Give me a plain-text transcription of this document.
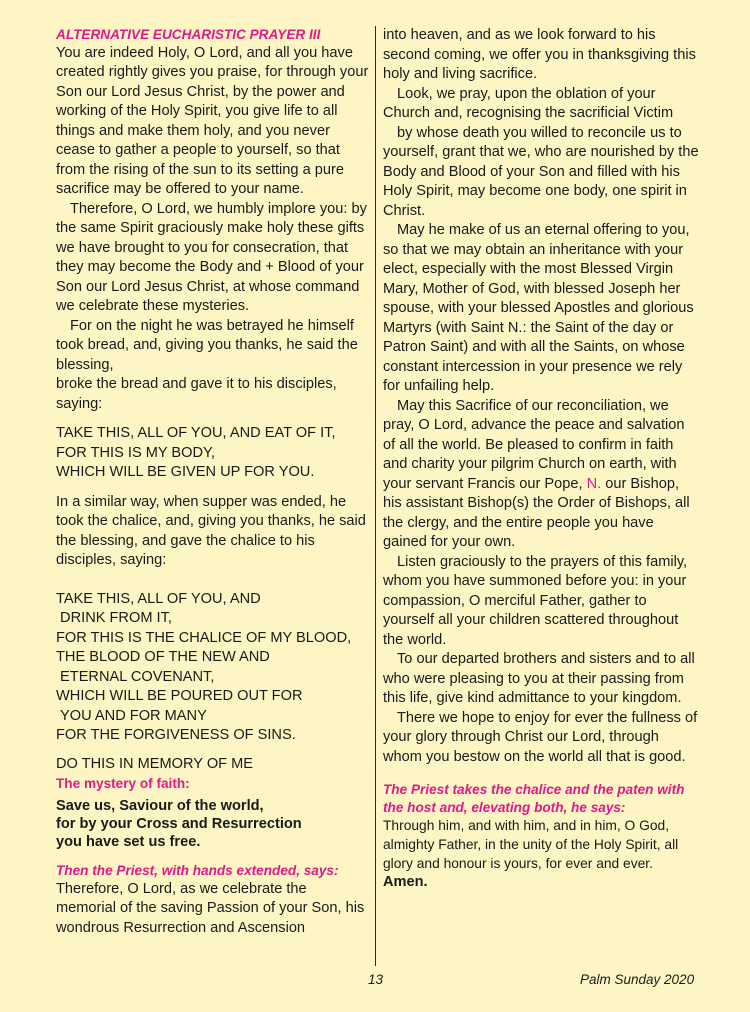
ALTERNATIVE EUCHARISTIC PRAYER III

You are indeed Holy, O Lord, and all you have created rightly gives you praise, for through your Son our Lord Jesus Christ, by the power and working of the Holy Spirit, you give life to all things and make them holy, and you never cease to gather a people to yourself, so that from the rising of the sun to its setting a pure sacrifice may be offered to your name.

Therefore, O Lord, we humbly implore you: by the same Spirit graciously make holy these gifts we have brought to you for consecration, that they may become the Body and + Blood of your Son our Lord Jesus Christ, at whose command we celebrate these mysteries.

For on the night he was betrayed he himself took bread, and, giving you thanks, he said the blessing,

broke the bread and gave it to his disciples, saying:

TAKE THIS, ALL OF YOU, AND EAT OF IT,

FOR THIS IS MY BODY,

WHICH WILL BE GIVEN UP FOR YOU.

In a similar way, when supper was ended, he took the chalice, and, giving you thanks, he said the blessing, and gave the chalice to his disciples, saying:

TAKE THIS, ALL OF YOU, AND

DRINK FROM IT,

FOR THIS IS THE CHALICE OF MY BLOOD,

THE BLOOD OF THE NEW AND

ETERNAL COVENANT,

WHICH WILL BE POURED OUT FOR

YOU AND FOR MANY

FOR THE FORGIVENESS OF SINS.

DO THIS IN MEMORY OF ME

The mystery of faith:

Save us, Saviour of the world,

for by your Cross and Resurrection

you have set us free.

Then the Priest, with hands extended, says:

Therefore, O Lord, as we celebrate the memorial of the saving Passion of your Son, his wondrous Resurrection and Ascension

into heaven, and as we look forward to his second coming, we offer you in thanksgiving this holy and living sacrifice.

Look, we pray, upon the oblation of your Church and, recognising the sacrificial Victim

by whose death you willed to reconcile us to yourself, grant that we, who are nourished by the Body and Blood of your Son and filled with his Holy Spirit, may become one body, one spirit in Christ.

May he make of us an eternal offering to you, so that we may obtain an inheritance with your elect, especially with the most Blessed Virgin Mary, Mother of God, with blessed Joseph her spouse, with your blessed Apostles and glorious Martyrs (with Saint N.: the Saint of the day or Patron Saint) and with all the Saints, on whose constant intercession in your presence we rely for unfailing help.

May this Sacrifice of our reconciliation, we pray, O Lord, advance the peace and salvation of all the world. Be pleased to confirm in faith and charity your pilgrim Church on earth, with your servant Francis our Pope, N. our Bishop, his assistant Bishop(s) the Order of Bishops, all the clergy, and the entire people you have gained for your own.

Listen graciously to the prayers of this family, whom you have summoned before you: in your compassion, O merciful Father, gather to yourself all your children scattered throughout the world.

To our departed brothers and sisters and to all who were pleasing to you at their passing from this life, give kind admittance to your kingdom.

There we hope to enjoy for ever the fullness of your glory through Christ our Lord, through whom you bestow on the world all that is good.

The Priest takes the chalice and the paten with the host and, elevating both, he says:

Through him, and with him, and in him, O God, almighty Father, in the unity of the Holy Spirit, all glory and honour is yours, for ever and ever.

Amen.

13	Palm Sunday 2020
